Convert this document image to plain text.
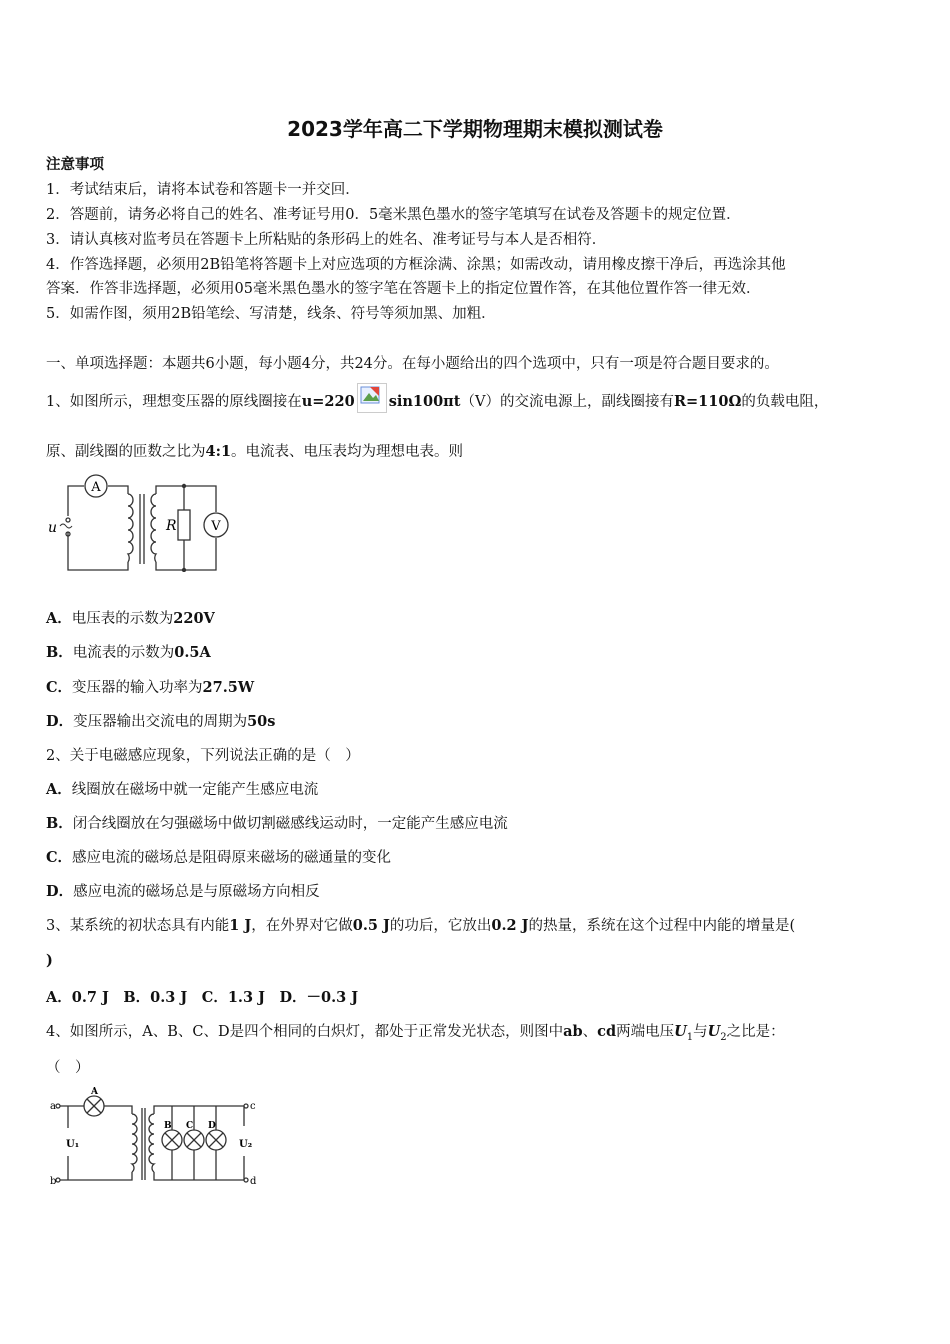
2023学年高二下学期物理期末模拟测试卷
注意事项
1．考试结束后，请将本试卷和答题卡一并交回．
2．答题前，请务必将自己的姓名、准考证号用0．5毫米黑色墨水的签字笔填写在试卷及答题卡的规定位置．
3．请认真核对监考员在答题卡上所粘贴的条形码上的姓名、准考证号与本人是否相符．
4．作答选择题，必须用2B铅笔将答题卡上对应选项的方框涂满、涂黑；如需改动，请用橡皮擦干净后，再选涂其他
答案．作答非选择题，必须用05毫米黑色墨水的签字笔在答题卡上的指定位置作答，在其他位置作答一律无效．
5．如需作图，须用2B铅笔绘、写清楚，线条、符号等须加黑、加粗．
一、单项选择题：本题共6小题，每小题4分，共24分。在每小题给出的四个选项中，只有一项是符合题目要求的。
1、如图所示，理想变压器的原线圈接在u=220 sin100πt（V）的交流电源上，副线圈接有R=110Ω的负载电阻，
原、副线圈的匝数之比为4:1。电流表、电压表均为理想电表。则
A
V
u	R
A．电压表的示数为220V
B．电流表的示数为0.5A
C．变压器的输入功率为27.5W
D．变压器输出交流电的周期为50s
2、关于电磁感应现象，下列说法正确的是（　）
A．线圈放在磁场中就一定能产生感应电流
B．闭合线圈放在匀强磁场中做切割磁感线运动时，一定能产生感应电流
C．感应电流的磁场总是阻碍原来磁场的磁通量的变化
D．感应电流的磁场总是与原磁场方向相反
3、某系统的初状态具有内能1 J，在外界对它做0.5 J的功后，它放出0.2 J的热量，系统在这个过程中内能的增量是(
)
A．0.7 J　B．0.3 J　C．1.3 J　D．－0.3 J
4、如图所示，A、B、C、D是四个相同的白炽灯，都处于正常发光状态，则图中ab、cd两端电压$U_1$与$U_2$之比是：
（　）
a
b
c
d
A
B C D
U₁	U₂
